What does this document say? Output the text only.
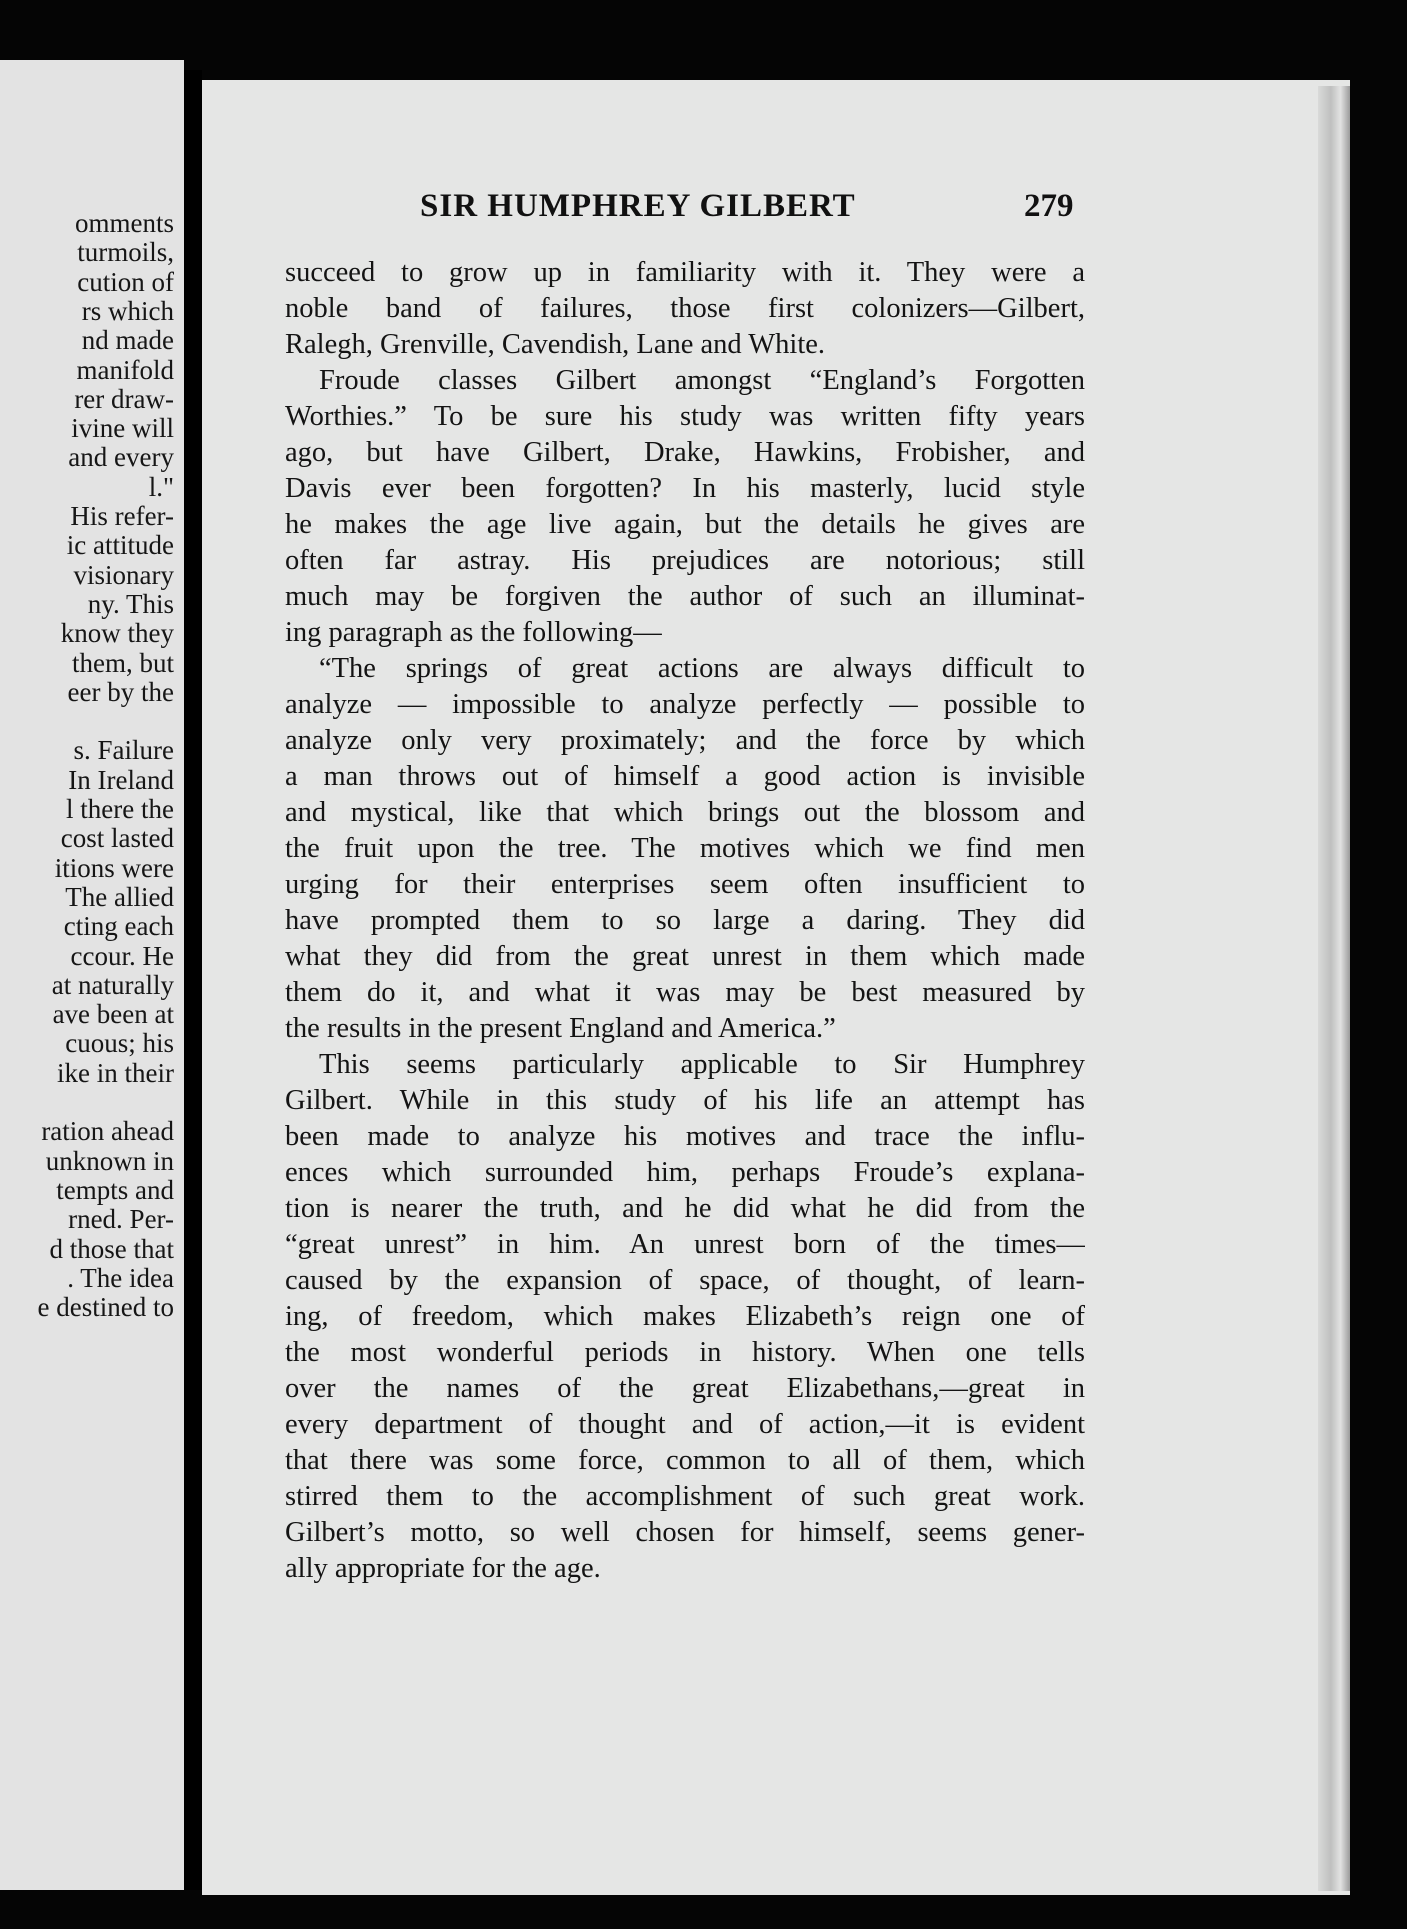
omments
turmoils,
cution of
rs which
nd made
manifold
rer draw-
ivine will
and every
l."
His refer-
ic attitude
visionary
ny. This
know they
them, but
eer by the
s. Failure
In Ireland
l there the
cost lasted
itions were
The allied
cting each
ccour. He
at naturally
ave been at
cuous; his
ike in their
ration ahead
unknown in
tempts and
rned. Per-
d those that
. The idea
e destined to
SIR HUMPHREY GILBERT	279
succeed to grow up in familiarity with it. They were a
noble band of failures, those first colonizers—Gilbert,
Ralegh, Grenville, Cavendish, Lane and White.
Froude classes Gilbert amongst “England’s Forgotten
Worthies.” To be sure his study was written fifty years
ago, but have Gilbert, Drake, Hawkins, Frobisher, and
Davis ever been forgotten? In his masterly, lucid style
he makes the age live again, but the details he gives are
often far astray. His prejudices are notorious; still
much may be forgiven the author of such an illuminat-
ing paragraph as the following—
“The springs of great actions are always difficult to
analyze — impossible to analyze perfectly — possible to
analyze only very proximately; and the force by which
a man throws out of himself a good action is invisible
and mystical, like that which brings out the blossom and
the fruit upon the tree. The motives which we find men
urging for their enterprises seem often insufficient to
have prompted them to so large a daring. They did
what they did from the great unrest in them which made
them do it, and what it was may be best measured by
the results in the present England and America.”
This seems particularly applicable to Sir Humphrey
Gilbert. While in this study of his life an attempt has
been made to analyze his motives and trace the influ-
ences which surrounded him, perhaps Froude’s explana-
tion is nearer the truth, and he did what he did from the
“great unrest” in him. An unrest born of the times—
caused by the expansion of space, of thought, of learn-
ing, of freedom, which makes Elizabeth’s reign one of
the most wonderful periods in history. When one tells
over the names of the great Elizabethans,—great in
every department of thought and of action,—it is evident
that there was some force, common to all of them, which
stirred them to the accomplishment of such great work.
Gilbert’s motto, so well chosen for himself, seems gener-
ally appropriate for the age.
